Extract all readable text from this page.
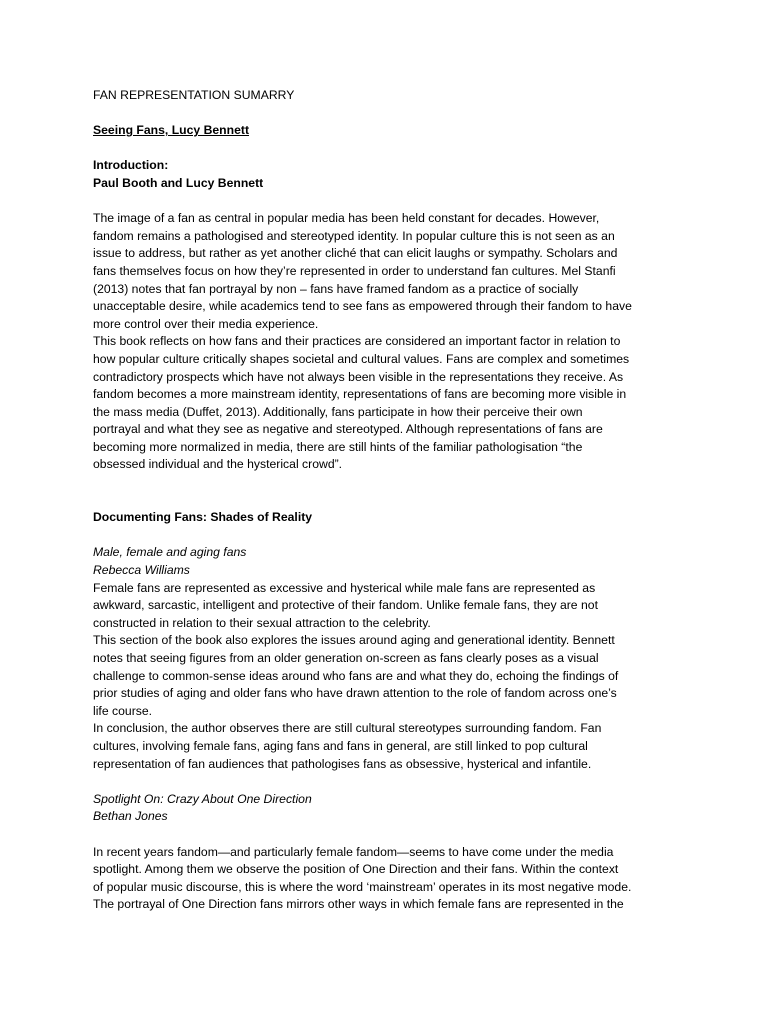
FAN REPRESENTATION SUMARRY
Seeing Fans, Lucy Bennett
Introduction:
Paul Booth and Lucy Bennett
The image of a fan as central in popular media has been held constant for decades. However,
fandom remains a pathologised and stereotyped identity. In popular culture this is not seen as an
issue to address, but rather as yet another cliché that can elicit laughs or sympathy. Scholars and
fans themselves focus on how they’re represented in order to understand fan cultures. Mel Stanfi
(2013) notes that fan portrayal by non – fans have framed fandom as a practice of socially
unacceptable desire, while academics tend to see fans as empowered through their fandom to have
more control over their media experience.
This book reflects on how fans and their practices are considered an important factor in relation to
how popular culture critically shapes societal and cultural values. Fans are complex and sometimes
contradictory prospects which have not always been visible in the representations they receive. As
fandom becomes a more mainstream identity, representations of fans are becoming more visible in
the mass media (Duffet, 2013). Additionally, fans participate in how their perceive their own
portrayal and what they see as negative and stereotyped. Although representations of fans are
becoming more normalized in media, there are still hints of the familiar pathologisation “the
obsessed individual and the hysterical crowd”.
Documenting Fans: Shades of Reality
Male, female and aging fans
Rebecca Williams
Female fans are represented as excessive and hysterical while male fans are represented as
awkward, sarcastic, intelligent and protective of their fandom. Unlike female fans, they are not
constructed in relation to their sexual attraction to the celebrity.
This section of the book also explores the issues around aging and generational identity. Bennett
notes that seeing figures from an older generation on-screen as fans clearly poses as a visual
challenge to common-sense ideas around who fans are and what they do, echoing the findings of
prior studies of aging and older fans who have drawn attention to the role of fandom across one’s
life course.
In conclusion, the author observes there are still cultural stereotypes surrounding fandom. Fan
cultures, involving female fans, aging fans and fans in general, are still linked to pop cultural
representation of fan audiences that pathologises fans as obsessive, hysterical and infantile.
Spotlight On: Crazy About One Direction
Bethan Jones
In recent years fandom—and particularly female fandom—seems to have come under the media
spotlight. Among them we observe the position of One Direction and their fans. Within the context
of popular music discourse, this is where the word ‘mainstream’ operates in its most negative mode.
The portrayal of One Direction fans mirrors other ways in which female fans are represented in the
